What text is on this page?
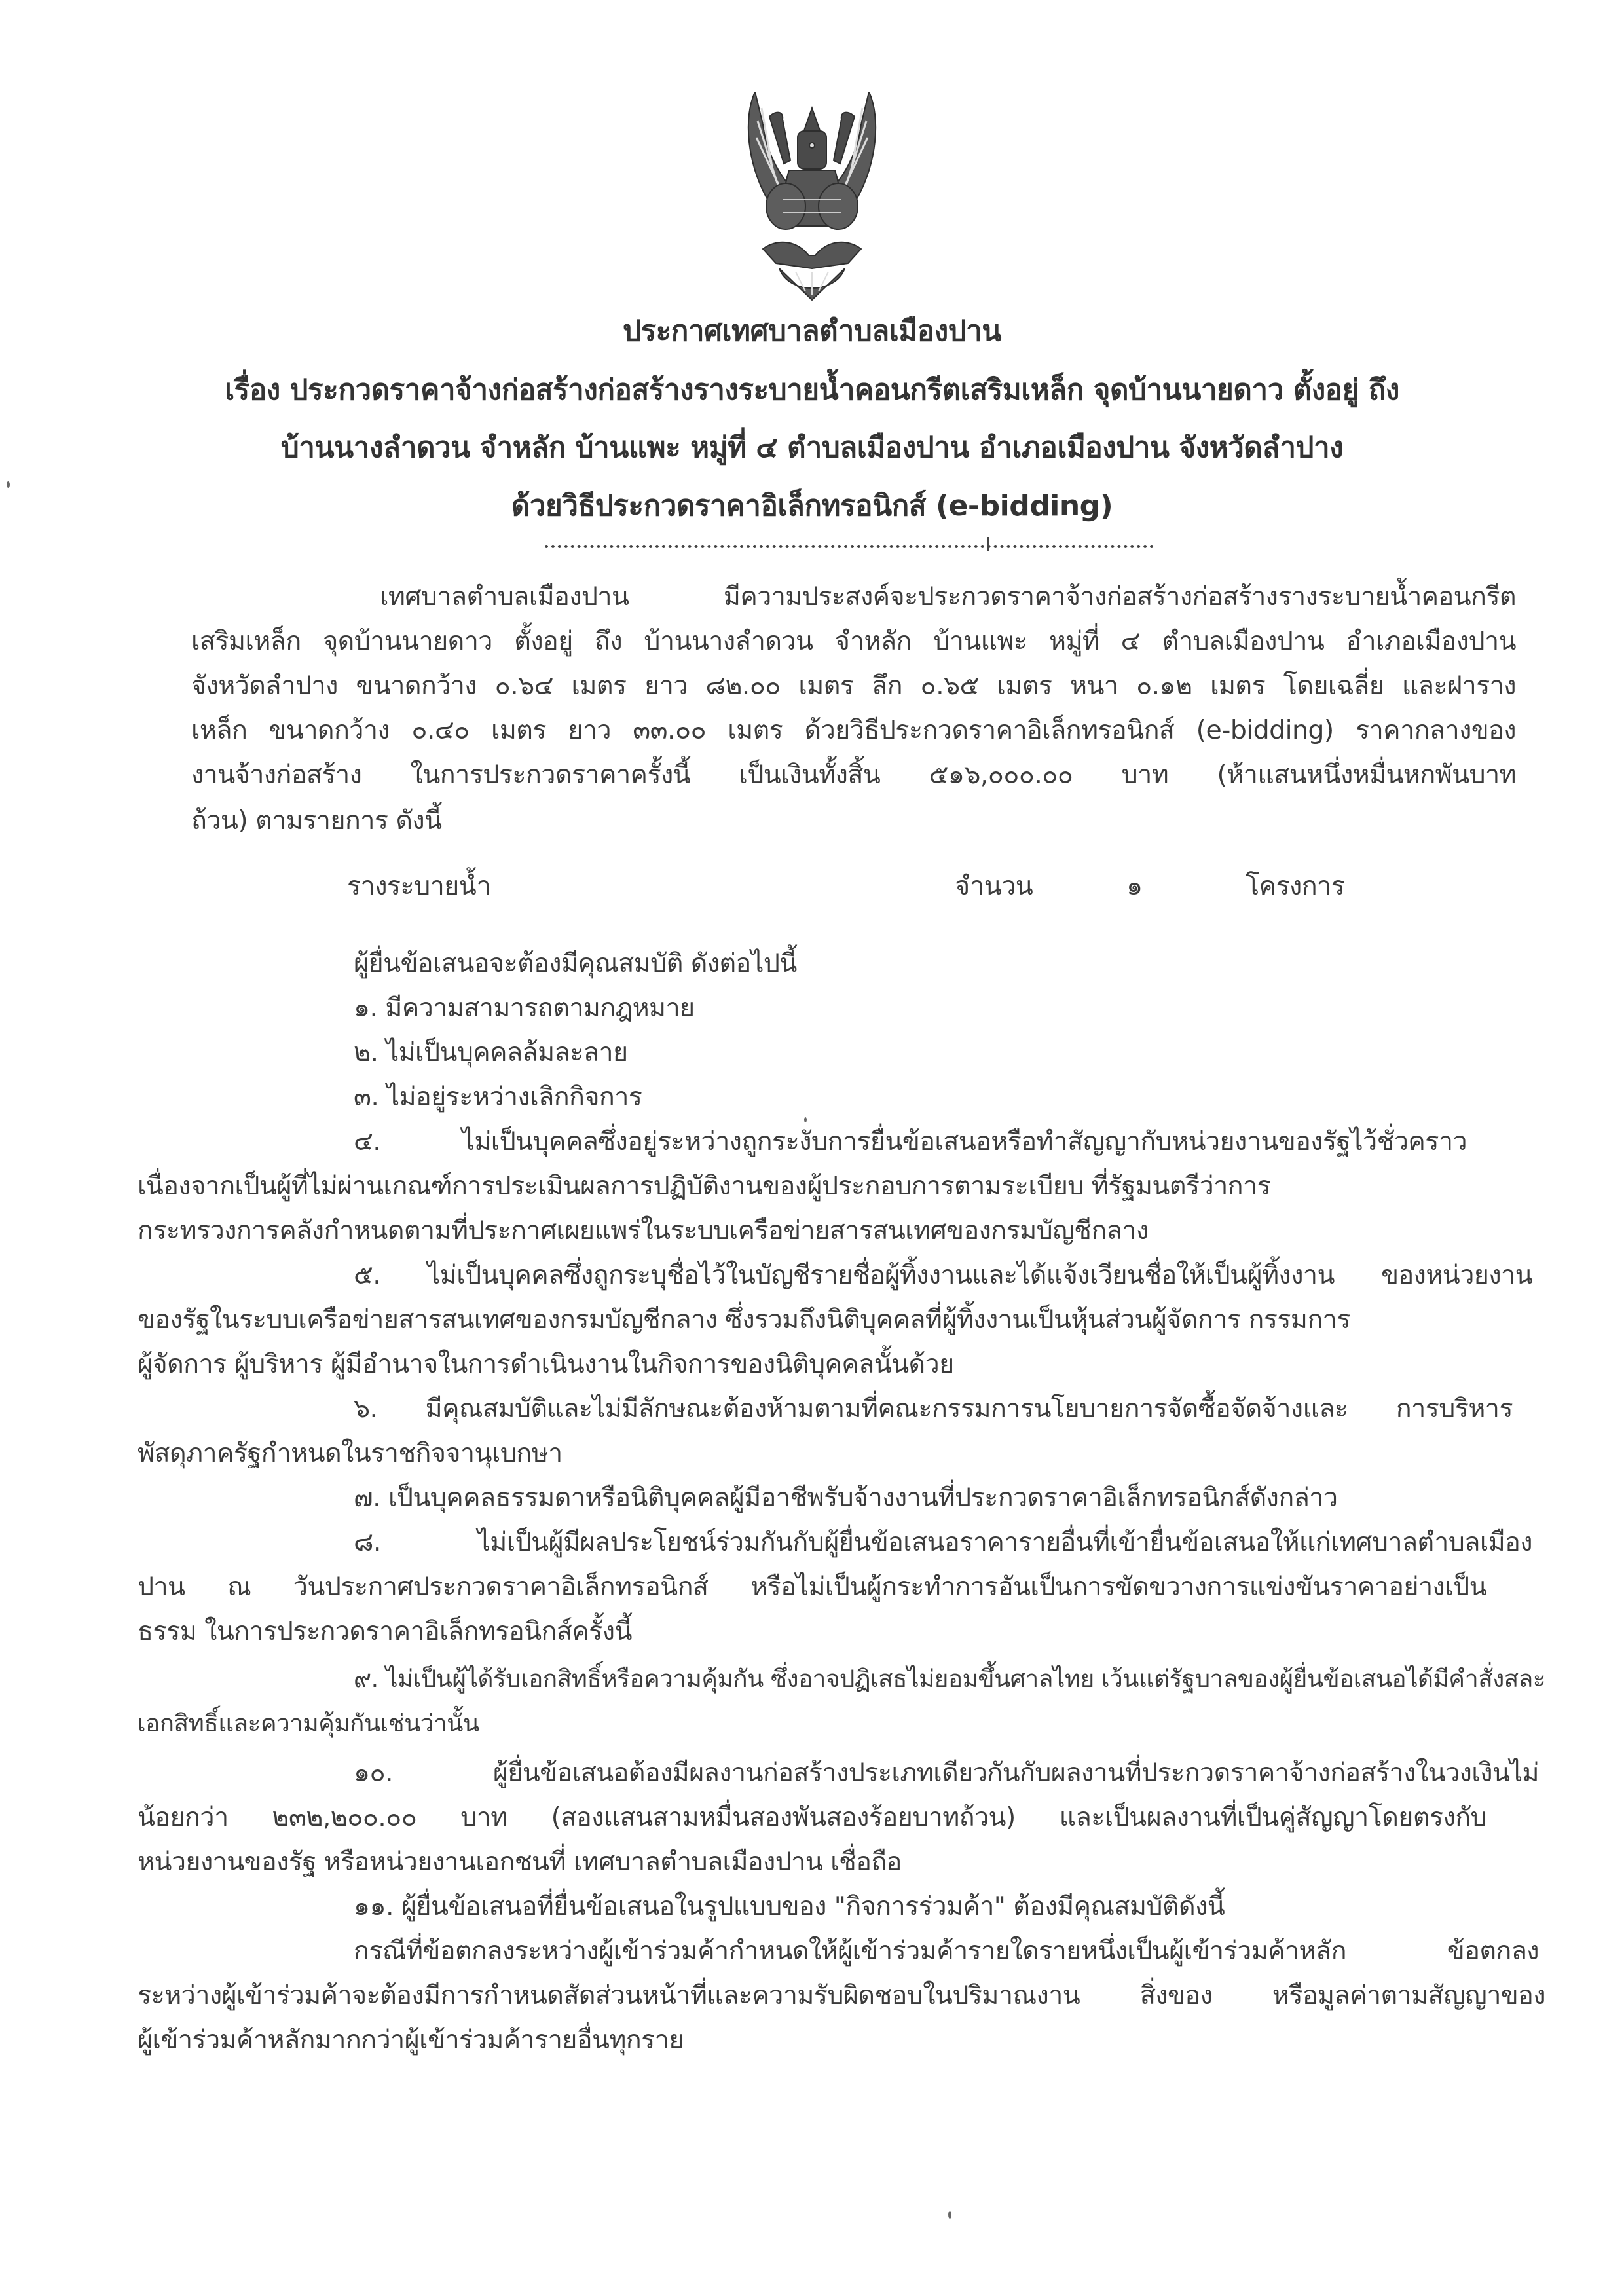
ประกาศเทศบาลตำบลเมืองปาน
เรื่อง ประกวดราคาจ้างก่อสร้างก่อสร้างรางระบายน้ำคอนกรีตเสริมเหล็ก จุดบ้านนายดาว ตั้งอยู่ ถึง
บ้านนางลำดวน จำหลัก บ้านแพะ หมู่ที่ ๔ ตำบลเมืองปาน อำเภอเมืองปาน จังหวัดลำปาง
ด้วยวิธีประกวดราคาอิเล็กทรอนิกส์ (e-bidding)
เทศบาลตำบลเมืองปาน มีความประสงค์จะประกวดราคาจ้างก่อสร้างก่อสร้างรางระบายน้ำคอนกรีต
เสริมเหล็ก จุดบ้านนายดาว ตั้งอยู่ ถึง บ้านนางลำดวน จำหลัก บ้านแพะ หมู่ที่ ๔ ตำบลเมืองปาน อำเภอเมืองปาน
จังหวัดลำปาง ขนาดกว้าง ๐.๖๔ เมตร ยาว ๘๒.๐๐ เมตร ลึก ๐.๖๕ เมตร หนา ๐.๑๒ เมตร โดยเฉลี่ย และฝาราง
เหล็ก ขนาดกว้าง ๐.๔๐ เมตร ยาว ๓๓.๐๐ เมตร ด้วยวิธีประกวดราคาอิเล็กทรอนิกส์ (e-bidding) ราคากลางของ
งานจ้างก่อสร้าง ในการประกวดราคาครั้งนี้ เป็นเงินทั้งสิ้น ๕๑๖,๐๐๐.๐๐ บาท (ห้าแสนหนึ่งหมื่นหกพันบาท
ถ้วน) ตามรายการ ดังนี้
รางระบายน้ำ	จำนวน	๑	โครงการ
ผู้ยื่นข้อเสนอจะต้องมีคุณสมบัติ ดังต่อไปนี้
๑. มีความสามารถตามกฎหมาย
๒. ไม่เป็นบุคคลล้มละลาย
๓. ไม่อยู่ระหว่างเลิกกิจการ
๔. ไม่เป็นบุคคลซึ่งอยู่ระหว่างถูกระงับการยื่นข้อเสนอหรือทำสัญญากับหน่วยงานของรัฐไว้ชั่วคราว
เนื่องจากเป็นผู้ที่ไม่ผ่านเกณฑ์การประเมินผลการปฏิบัติงานของผู้ประกอบการตามระเบียบ ที่รัฐมนตรีว่าการ
กระทรวงการคลังกำหนดตามที่ประกาศเผยแพร่ในระบบเครือข่ายสารสนเทศของกรมบัญชีกลาง
๕. ไม่เป็นบุคคลซึ่งถูกระบุชื่อไว้ในบัญชีรายชื่อผู้ทิ้งงานและได้แจ้งเวียนชื่อให้เป็นผู้ทิ้งงาน ของหน่วยงาน
ของรัฐในระบบเครือข่ายสารสนเทศของกรมบัญชีกลาง ซึ่งรวมถึงนิติบุคคลที่ผู้ทิ้งงานเป็นหุ้นส่วนผู้จัดการ กรรมการ
ผู้จัดการ ผู้บริหาร ผู้มีอำนาจในการดำเนินงานในกิจการของนิติบุคคลนั้นด้วย
๖. มีคุณสมบัติและไม่มีลักษณะต้องห้ามตามที่คณะกรรมการนโยบายการจัดซื้อจัดจ้างและ การบริหาร
พัสดุภาครัฐกำหนดในราชกิจจานุเบกษา
๗. เป็นบุคคลธรรมดาหรือนิติบุคคลผู้มีอาชีพรับจ้างงานที่ประกวดราคาอิเล็กทรอนิกส์ดังกล่าว
๘. ไม่เป็นผู้มีผลประโยชน์ร่วมกันกับผู้ยื่นข้อเสนอราคารายอื่นที่เข้ายื่นข้อเสนอให้แก่เทศบาลตำบลเมือง
ปาน ณ วันประกาศประกวดราคาอิเล็กทรอนิกส์ หรือไม่เป็นผู้กระทำการอันเป็นการขัดขวางการแข่งขันราคาอย่างเป็น
ธรรม ในการประกวดราคาอิเล็กทรอนิกส์ครั้งนี้
๙. ไม่เป็นผู้ได้รับเอกสิทธิ์หรือความคุ้มกัน ซึ่งอาจปฏิเสธไม่ยอมขึ้นศาลไทย เว้นแต่รัฐบาลของผู้ยื่นข้อเสนอได้มีคำสั่งสละ
เอกสิทธิ์และความคุ้มกันเช่นว่านั้น
๑๐. ผู้ยื่นข้อเสนอต้องมีผลงานก่อสร้างประเภทเดียวกันกับผลงานที่ประกวดราคาจ้างก่อสร้างในวงเงินไม่
น้อยกว่า ๒๓๒,๒๐๐.๐๐ บาท (สองแสนสามหมื่นสองพันสองร้อยบาทถ้วน) และเป็นผลงานที่เป็นคู่สัญญาโดยตรงกับ
หน่วยงานของรัฐ หรือหน่วยงานเอกชนที่ เทศบาลตำบลเมืองปาน เชื่อถือ
๑๑. ผู้ยื่นข้อเสนอที่ยื่นข้อเสนอในรูปแบบของ "กิจการร่วมค้า" ต้องมีคุณสมบัติดังนี้
กรณีที่ข้อตกลงระหว่างผู้เข้าร่วมค้ากำหนดให้ผู้เข้าร่วมค้ารายใดรายหนึ่งเป็นผู้เข้าร่วมค้าหลัก ข้อตกลง
ระหว่างผู้เข้าร่วมค้าจะต้องมีการกำหนดสัดส่วนหน้าที่และความรับผิดชอบในปริมาณงาน สิ่งของ หรือมูลค่าตามสัญญาของ
ผู้เข้าร่วมค้าหลักมากกว่าผู้เข้าร่วมค้ารายอื่นทุกราย
